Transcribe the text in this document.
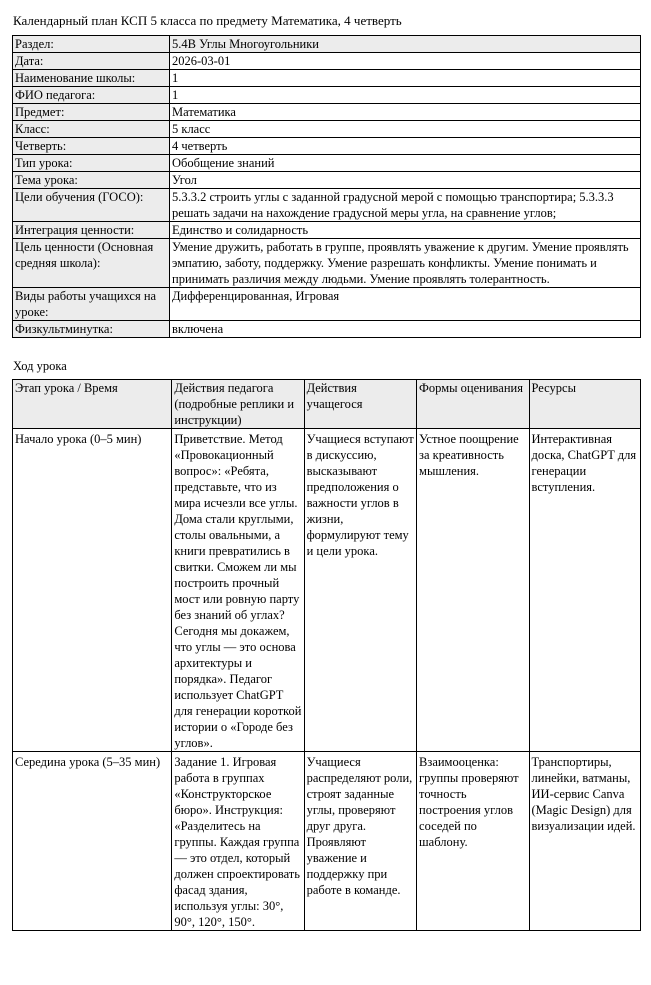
Календарный план КСП 5 класса по предмету Математика, 4 четверть
Раздел:	5.4В Углы Многоугольники
Дата:	2026-03-01
Наименование школы:	1
ФИО педагога:	1
Предмет:	Математика
Класс:	5 класс
Четверть:	4 четверть
Тип урока:	Обобщение знаний
Тема урока:	Угол
Цели обучения (ГОСО):	5.3.3.2 строить углы с заданной градусной мерой с помощью транспортира; 5.3.3.3 решать задачи на нахождение градусной меры угла, на сравнение углов;
Интеграция ценности:	Единство и солидарность
Цель ценности (Основная средняя школа):	Умение дружить, работать в группе, проявлять уважение к другим. Умение проявлять эмпатию, заботу, поддержку. Умение разрешать конфликты. Умение понимать и принимать различия между людьми. Умение проявлять толерантность.
Виды работы учащихся на уроке:	Дифференцированная, Игровая
Физкультминутка:	включена
Ход урока
Этап урока / Время	Действия педагога (подробные реплики и инструкции)	Действия учащегося	Формы оценивания	Ресурсы
Начало урока (0–5 мин)	Приветствие. Метод «Провокационный вопрос»: «Ребята, представьте, что из мира исчезли все углы. Дома стали круглыми, столы овальными, а книги превратились в свитки. Сможем ли мы построить прочный мост или ровную парту без знаний об углах? Сегодня мы докажем, что углы — это основа архитектуры и порядка». Педагог использует ChatGPT для генерации короткой истории о «Городе без углов».	Учащиеся вступают в дискуссию, высказывают предположения о важности углов в жизни, формулируют тему и цели урока.	Устное поощрение за креативность мышления.	Интерактивная доска, ChatGPT для генерации вступления.
Середина урока (5–35 мин)	Задание 1. Игровая работа в группах «Конструкторское бюро». Инструкция: «Разделитесь на группы. Каждая группа — это отдел, который должен спроектировать фасад здания, используя углы: 30°, 90°, 120°, 150°.	Учащиеся распределяют роли, строят заданные углы, проверяют друг друга. Проявляют уважение и поддержку при работе в команде.	Взаимооценка: группы проверяют точность построения углов соседей по шаблону.	Транспортиры, линейки, ватманы, ИИ-сервис Canva (Magic Design) для визуализации идей.
